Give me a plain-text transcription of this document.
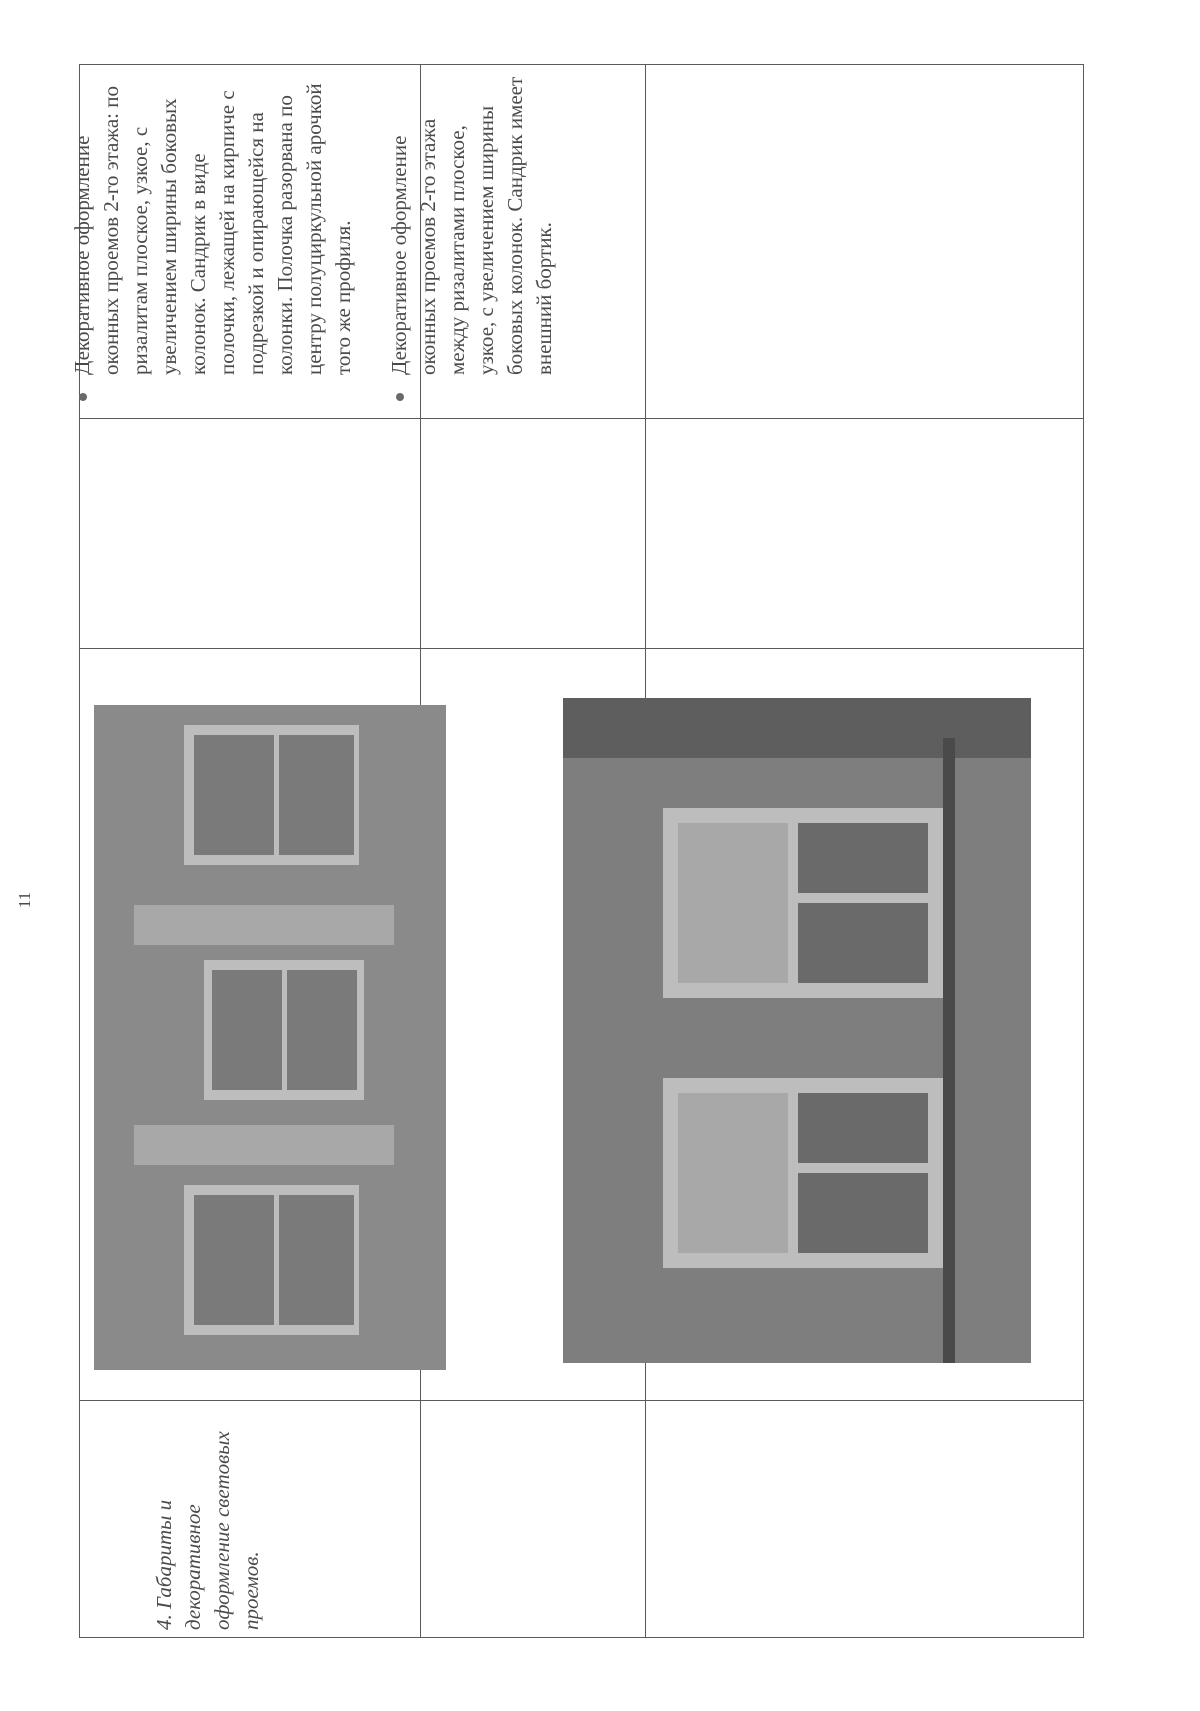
11
4. Габариты и декоративное оформление световых проемов.
Декоративное оформление оконных проемов 2-го этажа: по ризалитам плоское, узкое, с увеличением ширины боковых колонок. Сандрик в виде полочки, лежащей на кирпиче с подрезкой и опирающейся на колонки. Полочка разорвана по центру полуциркульной арочкой того же профиля. Декоративное оформление оконных проемов 2-го этажа между ризалитами плоское, узкое, с увеличением ширины боковых колонок. Сандрик имеет внешний бортик.
